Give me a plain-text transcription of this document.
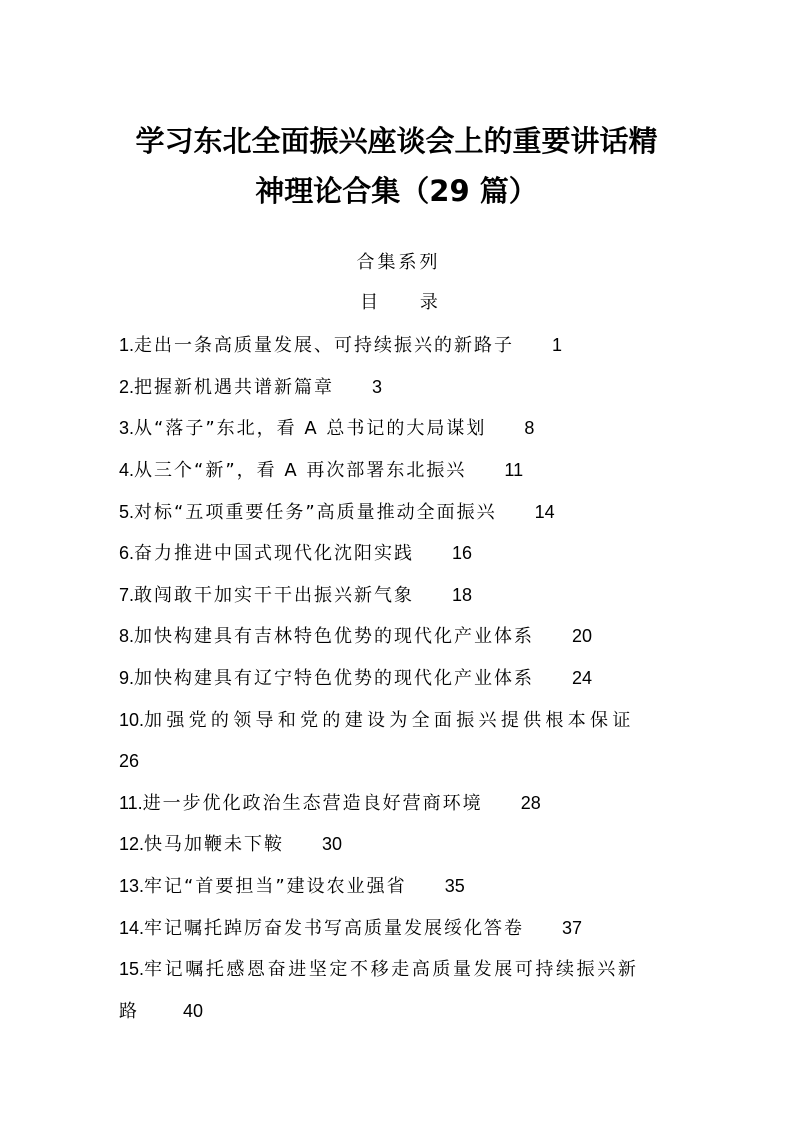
学习东北全面振兴座谈会上的重要讲话精
神理论合集（29 篇）
合集系列
目 录
1.走出一条高质量发展、可持续振兴的新路子 1
2.把握新机遇共谱新篇章 3
3.从“落子”东北，看 A 总书记的大局谋划 8
4.从三个“新”，看 A 再次部署东北振兴 11
5.对标“五项重要任务”高质量推动全面振兴 14
6.奋力推进中国式现代化沈阳实践 16
7.敢闯敢干加实干干出振兴新气象 18
8.加快构建具有吉林特色优势的现代化产业体系 20
9.加快构建具有辽宁特色优势的现代化产业体系 24
10.加强党的领导和党的建设为全面振兴提供根本保证
26
11.进一步优化政治生态营造良好营商环境 28
12.快马加鞭未下鞍 30
13.牢记“首要担当”建设农业强省 35
14.牢记嘱托踔厉奋发书写高质量发展绥化答卷 37
15.牢记嘱托感恩奋进坚定不移走高质量发展可持续振兴新
路	40
